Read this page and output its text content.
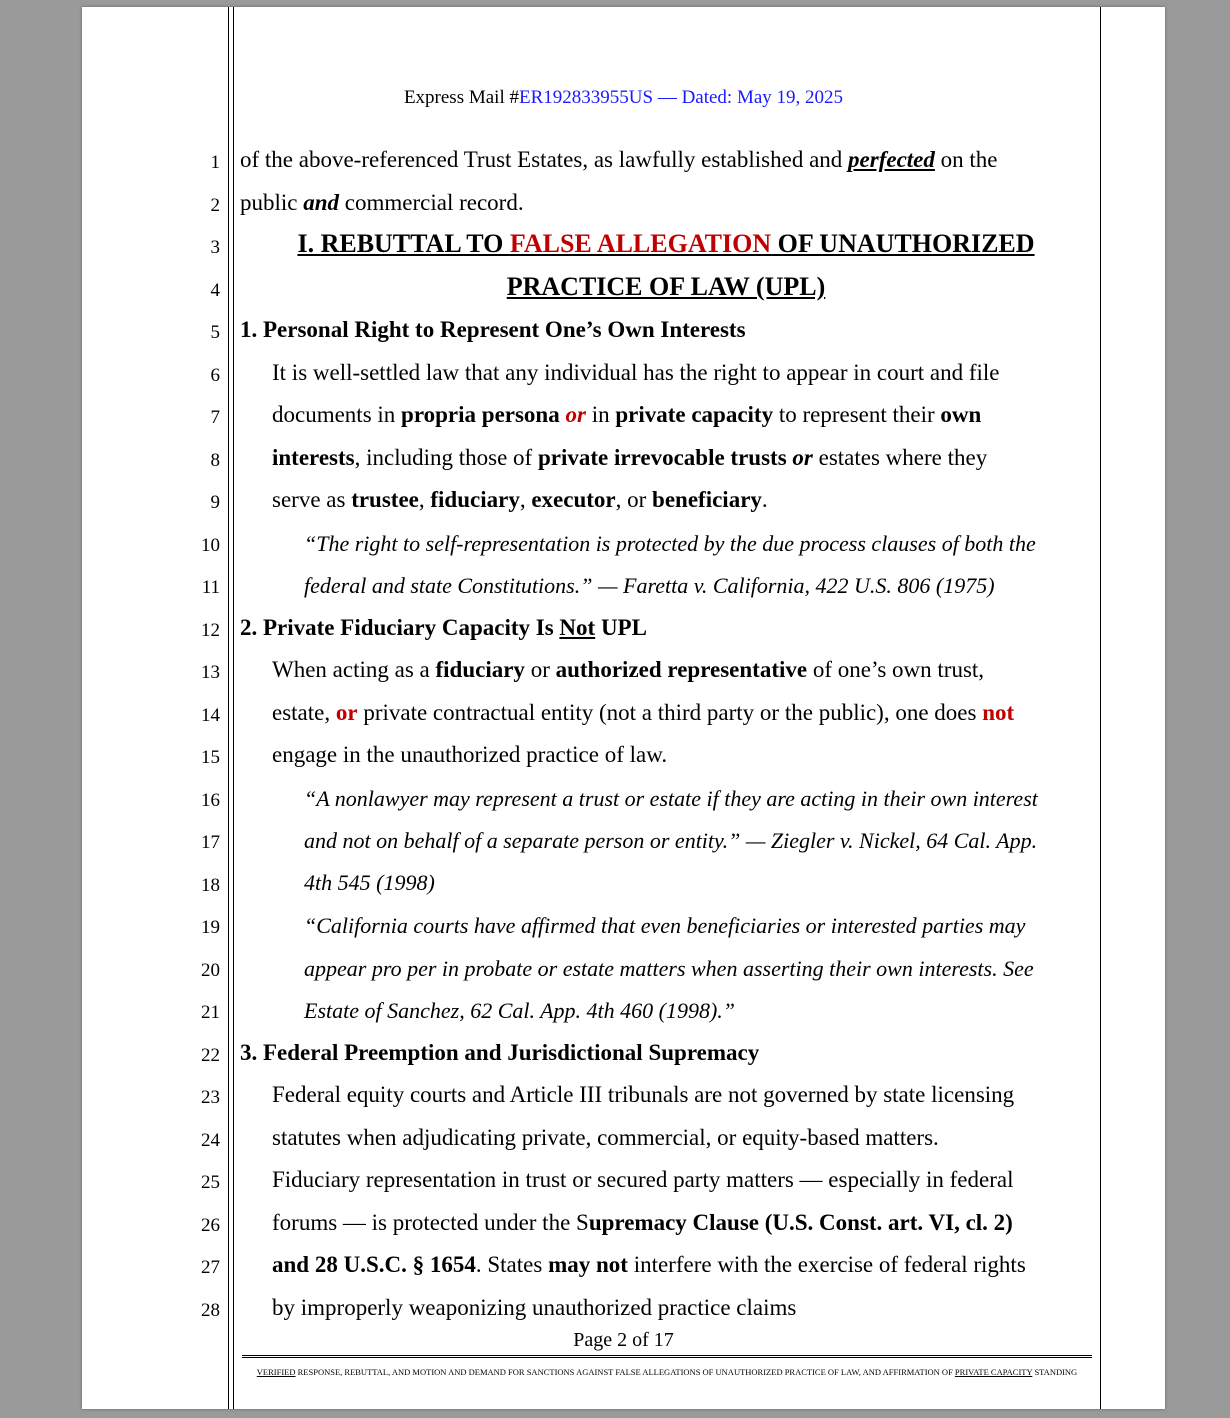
Express Mail #ER192833955US — Dated: May 19, 2025
1
2
3
4
5
6
7
8
9
10
11
12
13
14
15
16
17
18
19
20
21
22
23
24
25
26
27
28
of the above-referenced Trust Estates, as lawfully established and perfected on the
public and commercial record.
I. REBUTTAL TO FALSE ALLEGATION OF UNAUTHORIZED
PRACTICE OF LAW (UPL)
1. Personal Right to Represent One’s Own Interests
It is well-settled law that any individual has the right to appear in court and file
documents in propria persona or in private capacity to represent their own
interests, including those of private irrevocable trusts or estates where they
serve as trustee, fiduciary, executor, or beneficiary.
“The right to self-representation is protected by the due process clauses of both the
federal and state Constitutions.” — Faretta v. California, 422 U.S. 806 (1975)
2. Private Fiduciary Capacity Is Not UPL
When acting as a fiduciary or authorized representative of one’s own trust,
estate, or private contractual entity (not a third party or the public), one does not
engage in the unauthorized practice of law.
“A nonlawyer may represent a trust or estate if they are acting in their own interest
and not on behalf of a separate person or entity.” — Ziegler v. Nickel, 64 Cal. App.
4th 545 (1998)
“California courts have affirmed that even beneficiaries or interested parties may
appear pro per in probate or estate matters when asserting their own interests. See
Estate of Sanchez, 62 Cal. App. 4th 460 (1998).”
3. Federal Preemption and Jurisdictional Supremacy
Federal equity courts and Article III tribunals are not governed by state licensing
statutes when adjudicating private, commercial, or equity-based matters.
Fiduciary representation in trust or secured party matters — especially in federal
forums — is protected under the Supremacy Clause (U.S. Const. art. VI, cl. 2)
and 28 U.S.C. § 1654. States may not interfere with the exercise of federal rights
by improperly weaponizing unauthorized practice claims
Page 2 of 17
VERIFIED RESPONSE, REBUTTAL, AND MOTION AND DEMAND FOR SANCTIONS AGAINST FALSE ALLEGATIONS OF UNAUTHORIZED PRACTICE OF LAW, AND AFFIRMATION OF PRIVATE CAPACITY STANDING
